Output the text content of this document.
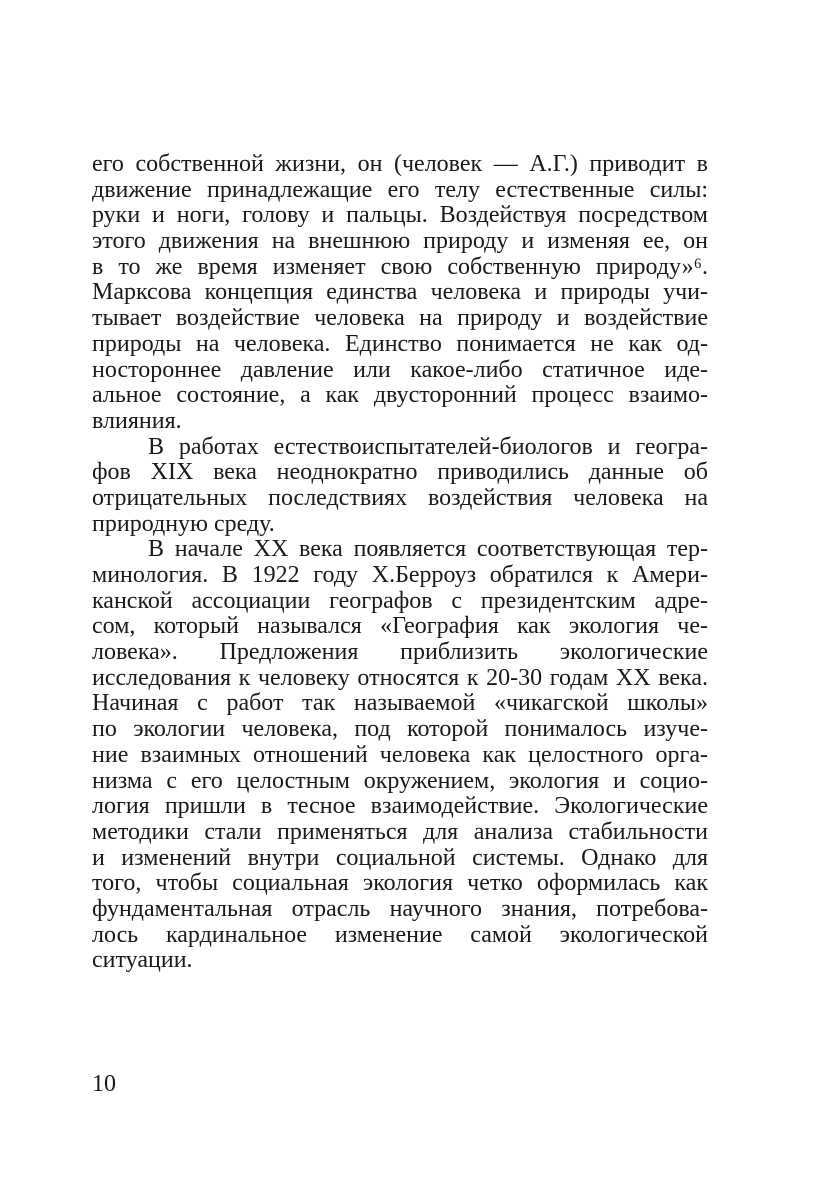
его собственной жизни, он (человек — А.Г.) приводит в
движение принадлежащие его телу естественные силы:
руки и ноги, голову и пальцы. Воздействуя посредством
этого движения на внешнюю природу и изменяя ее, он
в то же время изменяет свою собственную природу»⁶.
Марксова концепция единства человека и природы учи-
тывает воздействие человека на природу и воздействие
природы на человека. Единство понимается не как од-
ностороннее давление или какое-либо статичное иде-
альное состояние, а как двусторонний процесс взаимо-
влияния.
В работах естествоиспытателей-биологов и геогра-
фов XIX века неоднократно приводились данные об
отрицательных последствиях воздействия человека на
природную среду.
В начале XX века появляется соответствующая тер-
минология. В 1922 году Х.Берроуз обратился к Амери-
канской ассоциации географов с президентским адре-
сом, который назывался «География как экология че-
ловека». Предложения приблизить экологические
исследования к человеку относятся к 20-30 годам XX века.
Начиная с работ так называемой «чикагской школы»
по экологии человека, под которой понималось изуче-
ние взаимных отношений человека как целостного орга-
низма с его целостным окружением, экология и социо-
логия пришли в тесное взаимодействие. Экологические
методики стали применяться для анализа стабильности
и изменений внутри социальной системы. Однако для
того, чтобы социальная экология четко оформилась как
фундаментальная отрасль научного знания, потребова-
лось кардинальное изменение самой экологической
ситуации.
10
